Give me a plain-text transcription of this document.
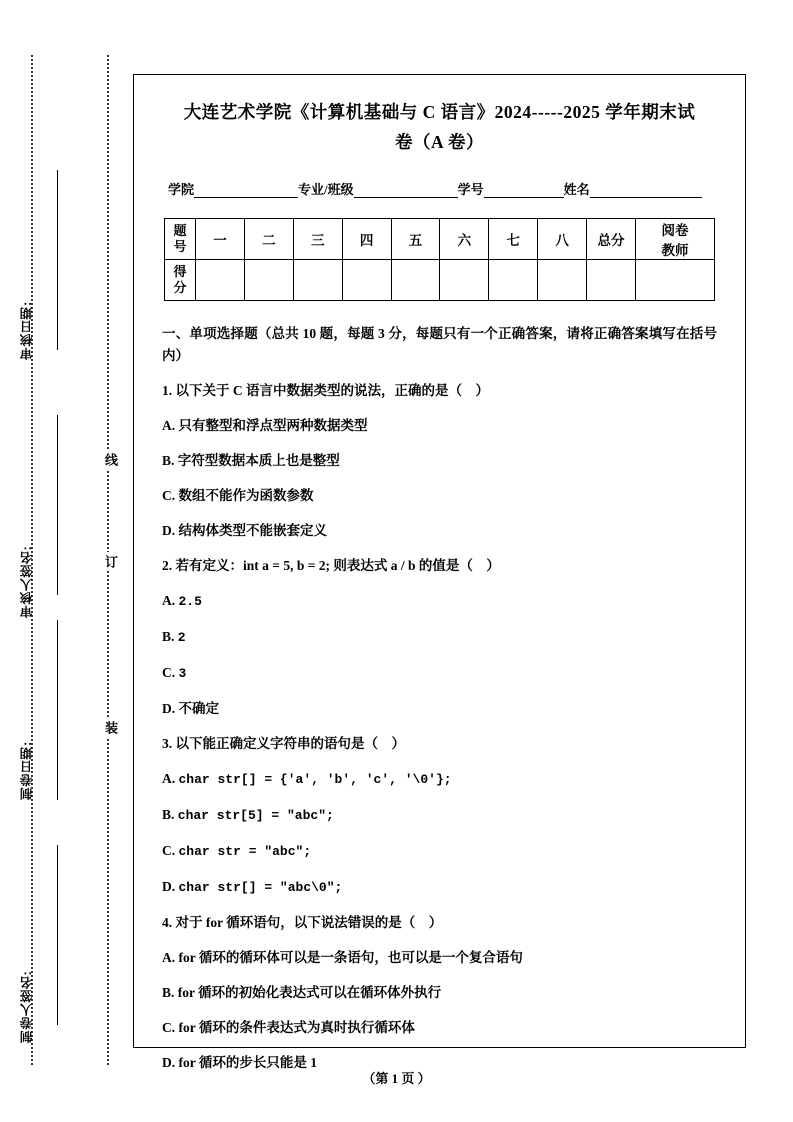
线
订
装
审核日期:
审核人签名:
制卷日期:
制卷人签名:
大连艺术学院《计算机基础与 C 语言》2024-----2025 学年期末试
卷（A 卷）
学院	专业/班级	学号	姓名
题
号	一	二	三	四	五	六	七	八	总分	阅卷
教师

得
分										

一、单项选择题（总共 10 题，每题 3 分，每题只有一个正确答案，请将正确答案填写在括号内）
1. 以下关于 C 语言中数据类型的说法，正确的是（　）
A. 只有整型和浮点型两种数据类型
B. 字符型数据本质上也是整型
C. 数组不能作为函数参数
D. 结构体类型不能嵌套定义
2. 若有定义：int a = 5, b = 2; 则表达式 a / b 的值是（　）
A. 2.5
B. 2
C. 3
D. 不确定
3. 以下能正确定义字符串的语句是（　）
A. char str[] = {'a', 'b', 'c', '\0'};
B. char str[5] = "abc";
C. char str = "abc";
D. char str[] = "abc\0";
4. 对于 for 循环语句，以下说法错误的是（　）
A. for 循环的循环体可以是一条语句，也可以是一个复合语句
B. for 循环的初始化表达式可以在循环体外执行
C. for 循环的条件表达式为真时执行循环体
D. for 循环的步长只能是 1
（第 1 页 ）
